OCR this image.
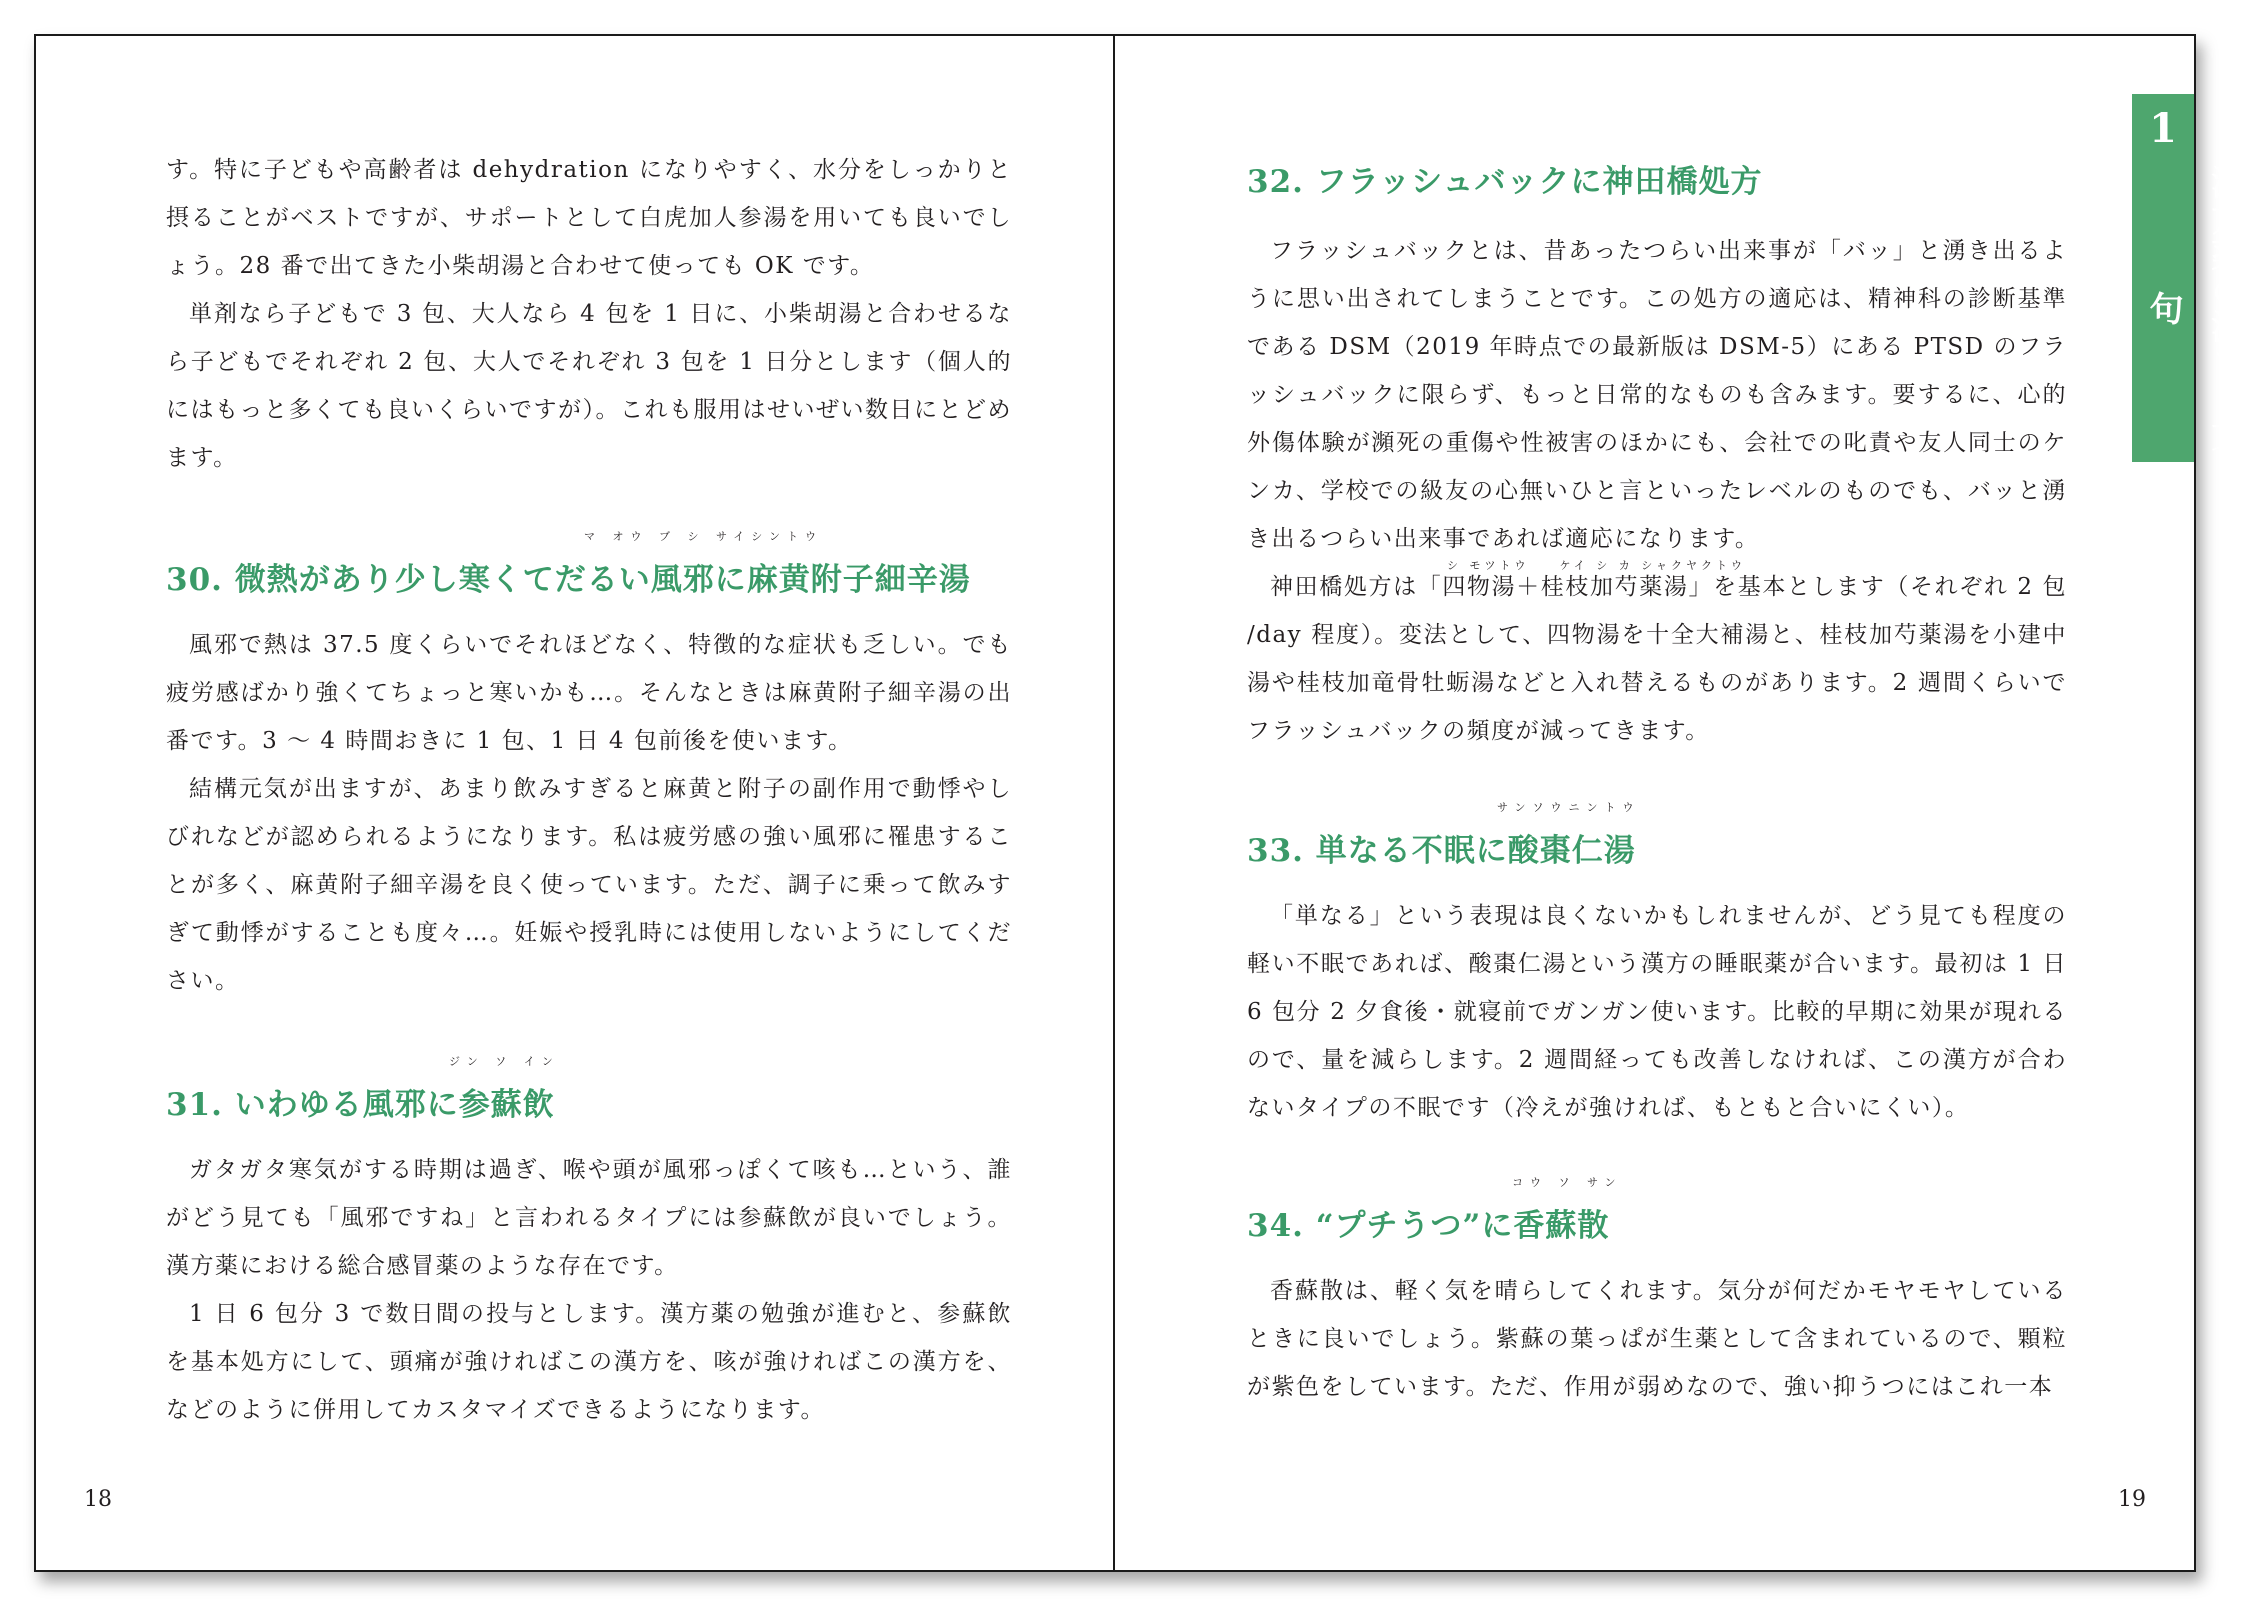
す。特に子どもや高齢者は dehydration になりやすく、水分をしっかりと摂ることがベストですが、サポートとして白虎加人参湯を用いても良いでしょう。28 番で出てきた小柴胡湯と合わせて使っても OK です。

単剤なら子どもで 3 包、大人なら 4 包を 1 日に、小柴胡湯と合わせるなら子どもでそれぞれ 2 包、大人でそれぞれ 3 包を 1 日分とします（個人的にはもっと多くても良いくらいですが）。これも服用はせいぜい数日にとどめます。

マ オウ ブ シ サイシントウ
30. 微熱があり少し寒くてだるい風邪に麻黄附子細辛湯

風邪で熱は 37.5 度くらいでそれほどなく、特徴的な症状も乏しい。でも疲労感ばかり強くてちょっと寒いかも…。そんなときは麻黄附子細辛湯の出番です。3 ～ 4 時間おきに 1 包、1 日 4 包前後を使います。

結構元気が出ますが、あまり飲みすぎると麻黄と附子の副作用で動悸やしびれなどが認められるようになります。私は疲労感の強い風邪に罹患することが多く、麻黄附子細辛湯を良く使っています。ただ、調子に乗って飲みすぎて動悸がすることも度々…。妊娠や授乳時には使用しないようにしてください。

ジン ソ イン
31. いわゆる風邪に参蘇飲

ガタガタ寒気がする時期は過ぎ、喉や頭が風邪っぽくて咳も…という、誰がどう見ても「風邪ですね」と言われるタイプには参蘇飲が良いでしょう。漢方薬における総合感冒薬のような存在です。

1 日 6 包分 3 で数日間の投与とします。漢方薬の勉強が進むと、参蘇飲を基本処方にして、頭痛が強ければこの漢方を、咳が強ければこの漢方を、などのように併用してカスタマイズできるようになります。

18
1
漢方薬の決まり文句
32. フラッシュバックに神田橋処方

フラッシュバックとは、昔あったつらい出来事が「バッ」と湧き出るように思い出されてしまうことです。この処方の適応は、精神科の診断基準である DSM（2019 年時点での最新版は DSM-5）にある PTSD のフラッシュバックに限らず、もっと日常的なものも含みます。要するに、心的外傷体験が瀕死の重傷や性被害のほかにも、会社での叱責や友人同士のケンカ、学校での級友の心無いひと言といったレベルのものでも、バッと湧き出るつらい出来事であれば適応になります。

シ モツトウ　　ケイ シ カ シャクヤクトウ

神田橋処方は「四物湯＋桂枝加芍薬湯」を基本とします（それぞれ 2 包 /day 程度）。変法として、四物湯を十全大補湯と、桂枝加芍薬湯を小建中湯や桂枝加竜骨牡蛎湯などと入れ替えるものがあります。2 週間くらいでフラッシュバックの頻度が減ってきます。

サンソウニントウ
33. 単なる不眠に酸棗仁湯

「単なる」という表現は良くないかもしれませんが、どう見ても程度の軽い不眠であれば、酸棗仁湯という漢方の睡眠薬が合います。最初は 1 日 6 包分 2 夕食後・就寝前でガンガン使います。比較的早期に効果が現れるので、量を減らします。2 週間経っても改善しなければ、この漢方が合わないタイプの不眠です（冷えが強ければ、もともと合いにくい）。

コウ ソ サン
34. “プチうつ”に香蘇散

香蘇散は、軽く気を晴らしてくれます。気分が何だかモヤモヤしているときに良いでしょう。紫蘇の葉っぱが生薬として含まれているので、顆粒が紫色をしています。ただ、作用が弱めなので、強い抑うつにはこれ一本

19
